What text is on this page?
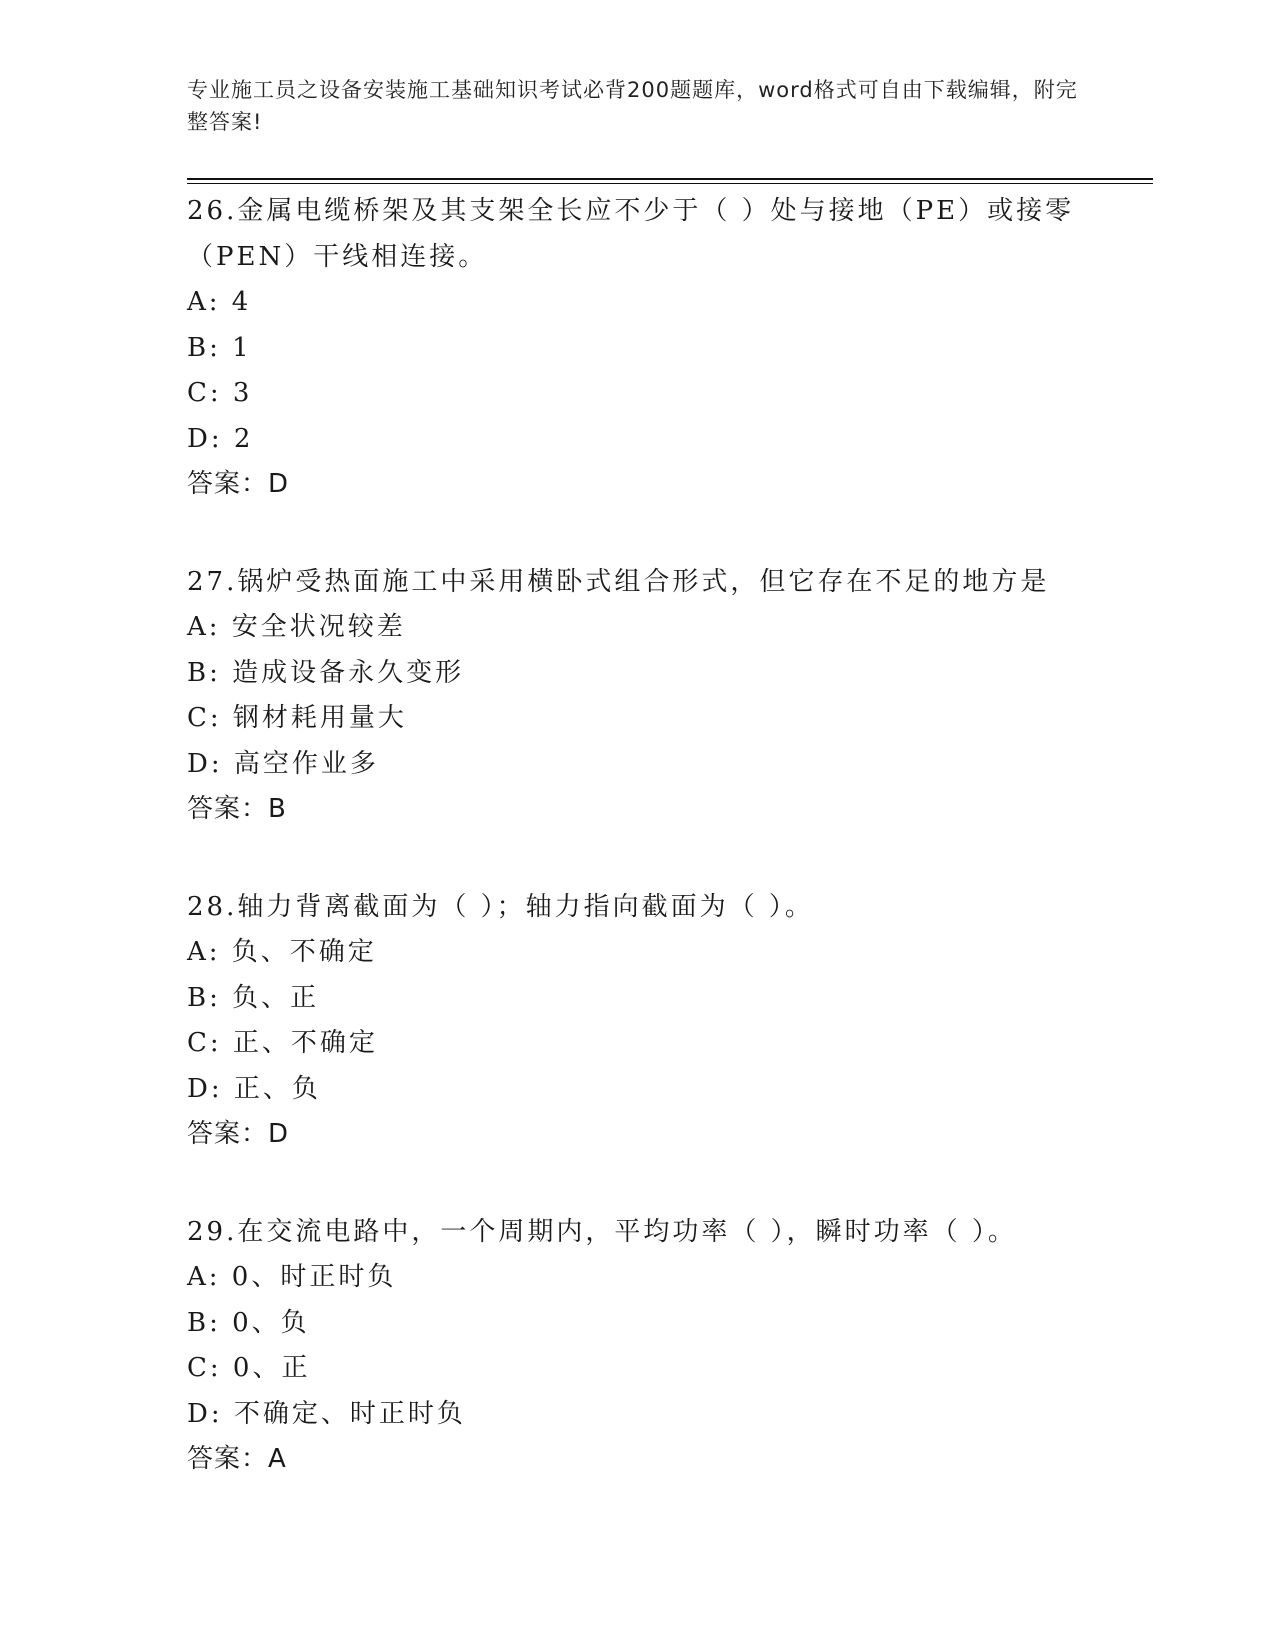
专业施工员之设备安装施工基础知识考试必背200题题库，word格式可自由下载编辑，附完整答案!
26.金属电缆桥架及其支架全长应不少于（ ）处与接地（PE）或接零（PEN）干线相连接。
A: 4
B: 1
C: 3
D: 2
答案：D
27.锅炉受热面施工中采用横卧式组合形式，但它存在不足的地方是
A: 安全状况较差
B: 造成设备永久变形
C: 钢材耗用量大
D: 高空作业多
答案：B
28.轴力背离截面为（ ）；轴力指向截面为（ ）。
A: 负、不确定
B: 负、正
C: 正、不确定
D: 正、负
答案：D
29.在交流电路中，一个周期内，平均功率（ ），瞬时功率（ ）。
A: 0、时正时负
B: 0、负
C: 0、正
D: 不确定、时正时负
答案：A
